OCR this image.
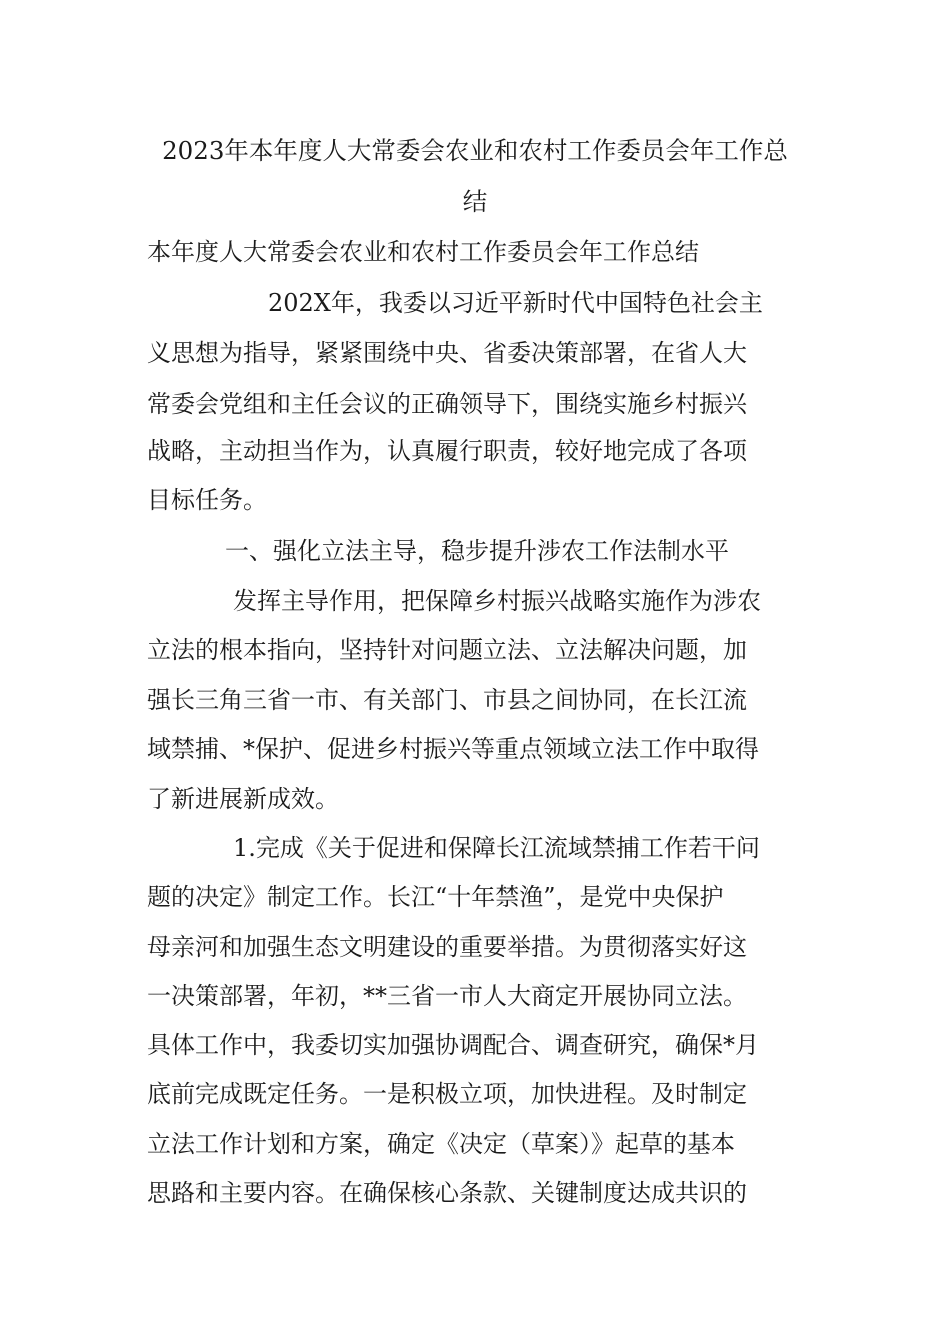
2023年本年度人大常委会农业和农村工作委员会年工作总
结
本年度人大常委会农业和农村工作委员会年工作总结
202X年，我委以习近平新时代中国特色社会主
义思想为指导，紧紧围绕中央、省委决策部署，在省人大
常委会党组和主任会议的正确领导下，围绕实施乡村振兴
战略，主动担当作为，认真履行职责，较好地完成了各项
目标任务。
一、强化立法主导，稳步提升涉农工作法制水平
发挥主导作用，把保障乡村振兴战略实施作为涉农
立法的根本指向，坚持针对问题立法、立法解决问题，加
强长三角三省一市、有关部门、市县之间协同，在长江流
域禁捕、*保护、促进乡村振兴等重点领域立法工作中取得
了新进展新成效。
1.完成《关于促进和保障长江流域禁捕工作若干问
题的决定》制定工作。长江“十年禁渔”，是党中央保护
母亲河和加强生态文明建设的重要举措。为贯彻落实好这
一决策部署，年初，**三省一市人大商定开展协同立法。
具体工作中，我委切实加强协调配合、调查研究，确保*月
底前完成既定任务。一是积极立项，加快进程。及时制定
立法工作计划和方案，确定《决定（草案）》起草的基本
思路和主要内容。在确保核心条款、关键制度达成共识的
